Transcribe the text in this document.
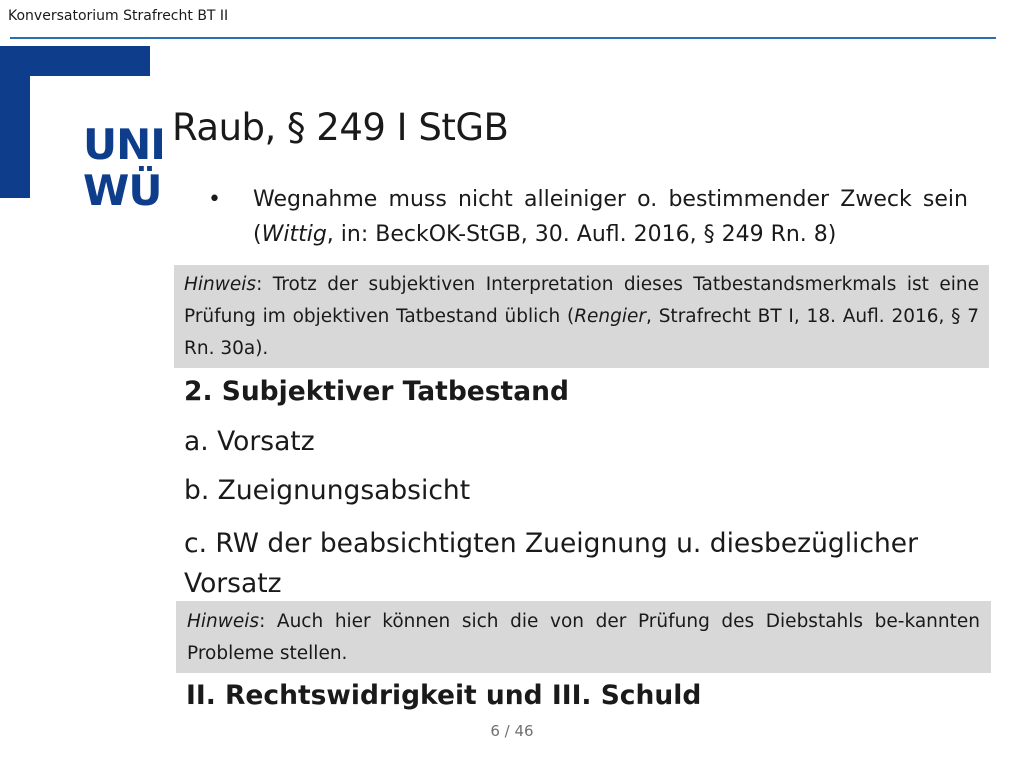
Konversatorium Strafrecht BT II
UNI
WÜ
Raub, § 249 I StGB
•	Wegnahme muss nicht alleiniger o. bestimmender Zweck sein (Wittig, in: BeckOK-StGB, 30. Aufl. 2016, § 249 Rn. 8)
Hinweis: Trotz der subjektiven Interpretation dieses Tatbestandsmerkmals ist eine Prüfung im objektiven Tatbestand üblich (Rengier, Strafrecht BT I, 18. Aufl. 2016, § 7 Rn. 30a).
2. Subjektiver Tatbestand
a. Vorsatz
b. Zueignungsabsicht
c. RW der beabsichtigten Zueignung u. diesbezüglicher Vorsatz
Hinweis: Auch hier können sich die von der Prüfung des Diebstahls be-kannten Probleme stellen.
II. Rechtswidrigkeit und III. Schuld
6 / 46
